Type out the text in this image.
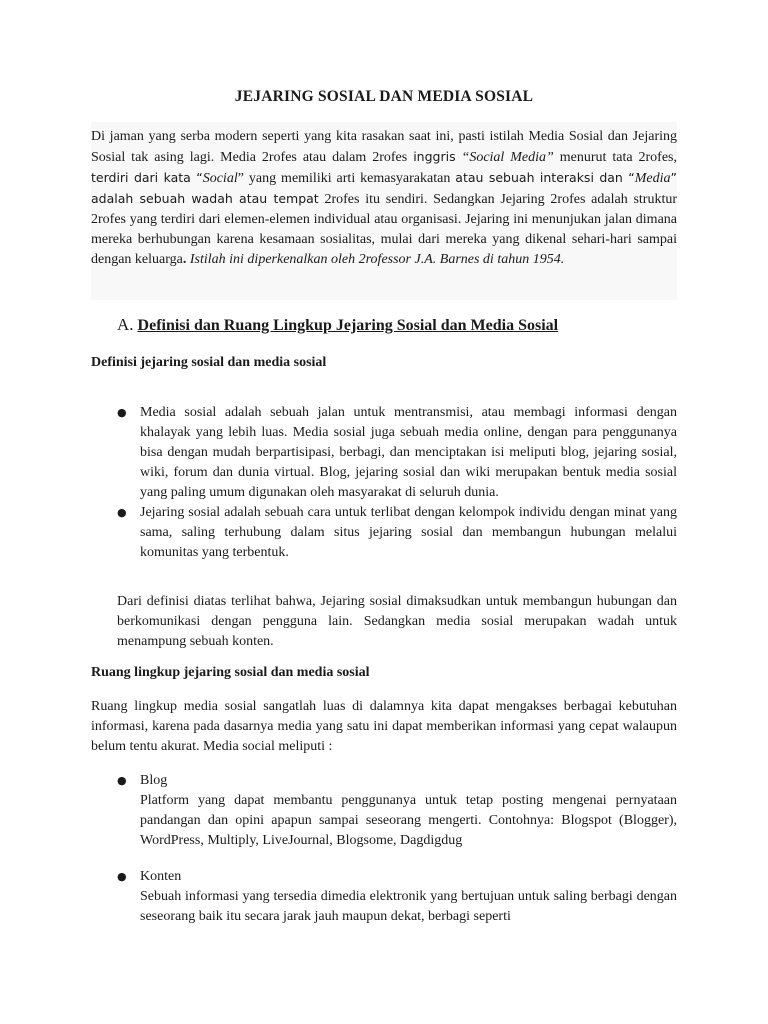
JEJARING SOSIAL DAN MEDIA SOSIAL
Di jaman yang serba modern seperti yang kita rasakan saat ini, pasti istilah Media Sosial dan Jejaring Sosial tak asing lagi. Media 2rofes atau dalam 2rofes inggris “Social Media” menurut tata 2rofes, terdiri dari kata “Social” yang memiliki arti kemasyarakatan atau sebuah interaksi dan “Media” adalah sebuah wadah atau tempat 2rofes itu sendiri. Sedangkan Jejaring 2rofes adalah struktur 2rofes yang terdiri dari elemen-elemen individual atau organisasi. Jejaring ini menunjukan jalan dimana mereka berhubungan karena kesamaan sosialitas, mulai dari mereka yang dikenal sehari-hari sampai dengan keluarga. Istilah ini diperkenalkan oleh 2rofessor J.A. Barnes di tahun 1954.
A. Definisi dan Ruang Lingkup Jejaring Sosial dan Media Sosial
Definisi jejaring sosial dan media sosial
● Media sosial adalah sebuah jalan untuk mentransmisi, atau membagi informasi dengan khalayak yang lebih luas. Media sosial juga sebuah media online, dengan para penggunanya bisa dengan mudah berpartisipasi, berbagi, dan menciptakan isi meliputi blog, jejaring sosial, wiki, forum dan dunia virtual. Blog, jejaring sosial dan wiki merupakan bentuk media sosial yang paling umum digunakan oleh masyarakat di seluruh dunia.
● Jejaring sosial adalah sebuah cara untuk terlibat dengan kelompok individu dengan minat yang sama, saling terhubung dalam situs jejaring sosial dan membangun hubungan melalui komunitas yang terbentuk.
Dari definisi diatas terlihat bahwa, Jejaring sosial dimaksudkan untuk membangun hubungan dan berkomunikasi dengan pengguna lain. Sedangkan media sosial merupakan wadah untuk menampung sebuah konten.
Ruang lingkup jejaring sosial dan media sosial
Ruang lingkup media sosial sangatlah luas di dalamnya kita dapat mengakses berbagai kebutuhan informasi, karena pada dasarnya media yang satu ini dapat memberikan informasi yang cepat walaupun belum tentu akurat. Media social meliputi :
● Blog
Platform yang dapat membantu penggunanya untuk tetap posting mengenai pernyataan pandangan dan opini apapun sampai seseorang mengerti. Contohnya: Blogspot (Blogger), WordPress, Multiply, LiveJournal, Blogsome, Dagdigdug
● Konten
Sebuah informasi yang tersedia dimedia elektronik yang bertujuan untuk saling berbagi dengan seseorang baik itu secara jarak jauh maupun dekat, berbagi seperti
